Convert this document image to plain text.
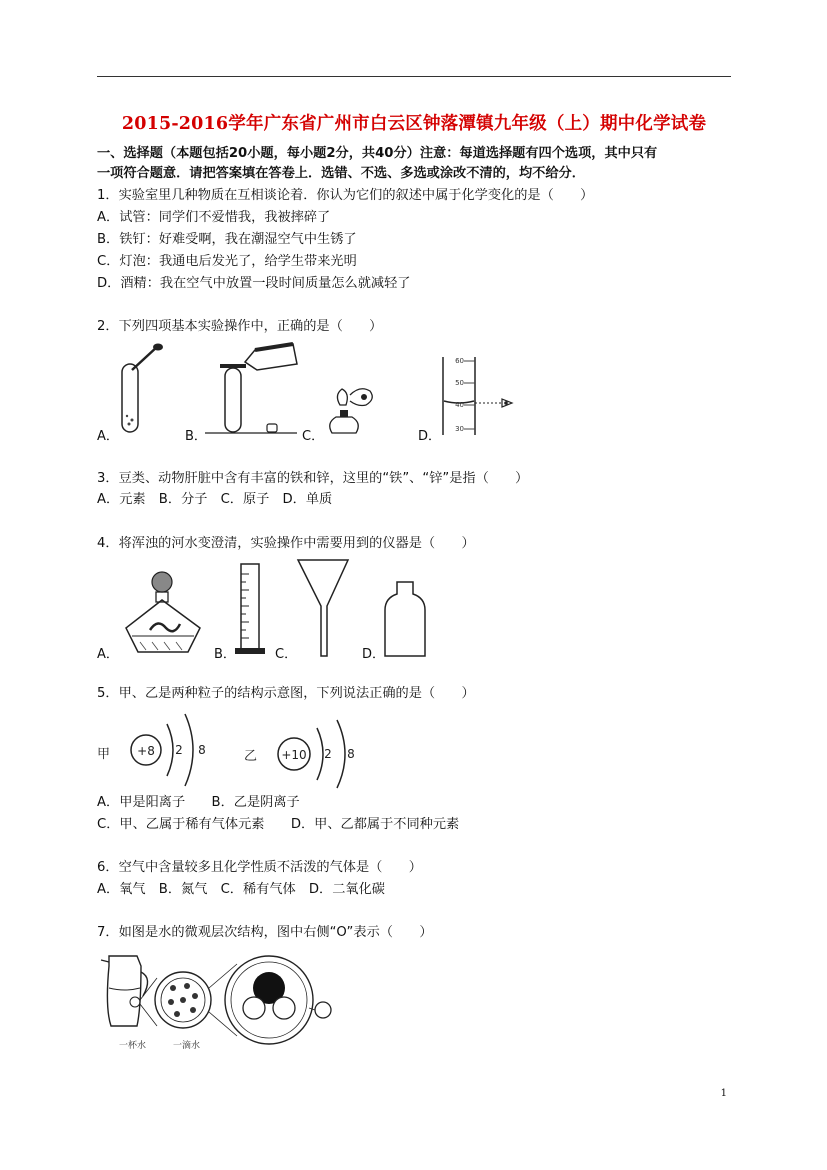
2015-2016学年广东省广州市白云区钟落潭镇九年级（上）期中化学试卷
一、选择题（本题包括20小题，每小题2分，共40分）注意：每道选择题有四个选项，其中只有
一项符合题意．请把答案填在答卷上．选错、不选、多选或涂改不清的，均不给分．
1．实验室里几种物质在互相谈论着．你认为它们的叙述中属于化学变化的是（　　）
A．试管：同学们不爱惜我，我被摔碎了
B．铁钉：好难受啊，我在潮湿空气中生锈了
C．灯泡：我通电后发光了，给学生带来光明
D．酒精：我在空气中放置一段时间质量怎么就减轻了
2．下列四项基本实验操作中，正确的是（　　）
A．	B．	C．
60
50
40
30
D．
3．豆类、动物肝脏中含有丰富的铁和锌，这里的“铁”、“锌”是指（　　）
A．元素　B．分子　C．原子　D．单质
4．将浑浊的河水变澄清，实验操作中需要用到的仪器是（　　）
A．	B．	C．	D．
5．甲、乙是两种粒子的结构示意图，下列说法正确的是（　　）
甲 +8 2 8	乙 +10 2 8
A．甲是阳离子　　B．乙是阴离子
C．甲、乙属于稀有气体元素　　D．甲、乙都属于不同种元素
6．空气中含量较多且化学性质不活泼的气体是（　　）
A．氧气　B．氮气　C．稀有气体　D．二氧化碳
7．如图是水的微观层次结构，图中右侧“O”表示（　　）
一杯水	一滴水
1
